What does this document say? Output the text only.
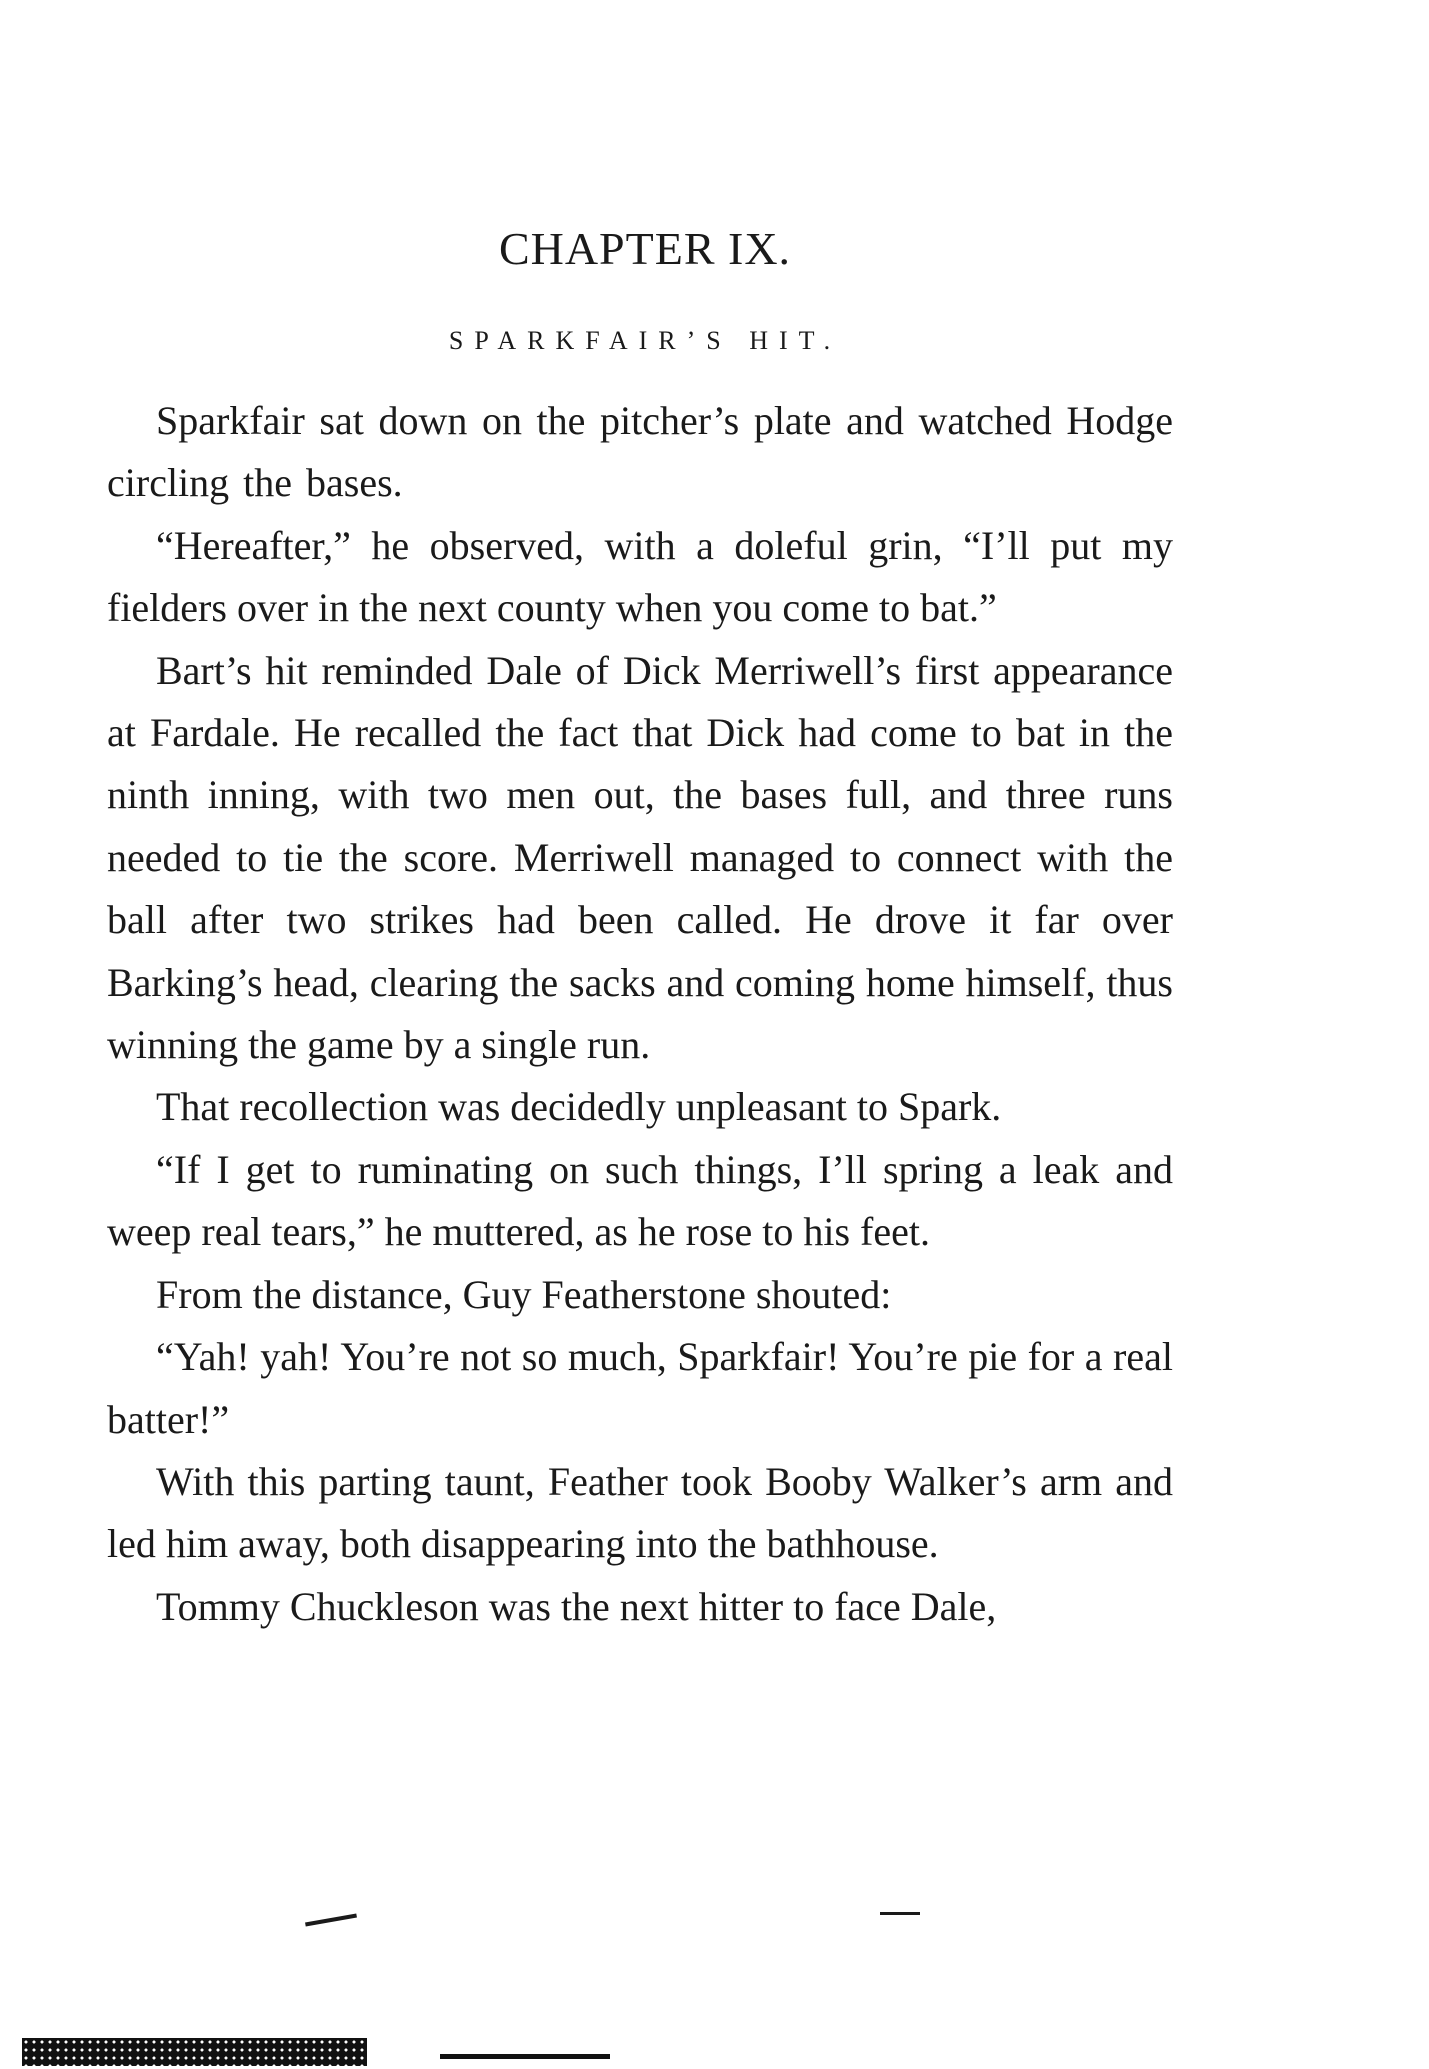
CHAPTER IX.
SPARKFAIR’S HIT.

Sparkfair sat down on the pitcher’s plate and watched Hodge circling the bases.

“Hereafter,” he observed, with a doleful grin, “I’ll put my fielders over in the next county when you come to bat.”

Bart’s hit reminded Dale of Dick Merriwell’s first appearance at Fardale. He recalled the fact that Dick had come to bat in the ninth inning, with two men out, the bases full, and three runs needed to tie the score. Merriwell managed to connect with the ball after two strikes had been called. He drove it far over Barking’s head, clearing the sacks and coming home himself, thus winning the game by a single run.

That recollection was decidedly unpleasant to Spark.

“If I get to ruminating on such things, I’ll spring a leak and weep real tears,” he muttered, as he rose to his feet.

From the distance, Guy Featherstone shouted:

“Yah! yah! You’re not so much, Sparkfair! You’re pie for a real batter!”

With this parting taunt, Feather took Booby Walker’s arm and led him away, both disappearing into the bathhouse.

Tommy Chuckleson was the next hitter to face Dale,
